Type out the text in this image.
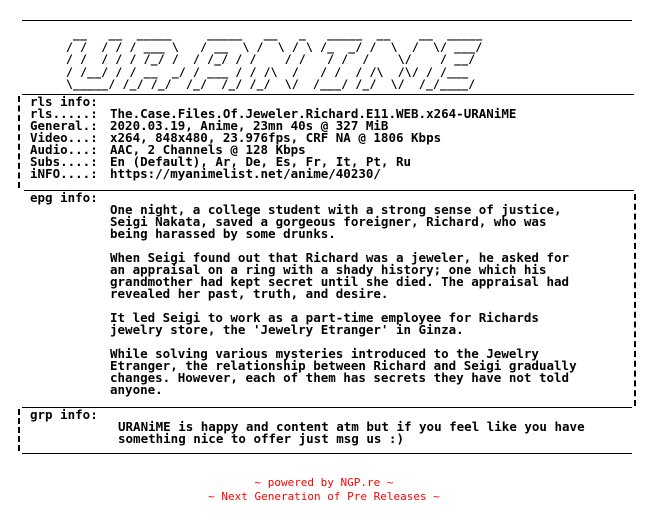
__   __  _____     _____   __   _   _____  __    __  _____
/ /  / / / ___ \   / __  \ /  \ / \ /_  _/ /  \  /  \/ ___/
/ /  / / / /_/ /  / /_/ / /    / /   / /  /    \/    / __/
/ /__/ / / __  _/ / ___ / / /\  /   / /  / /\  /\/ / /___
\_____/ /_/ /_/  /_/  /_/ /_/  \/  /___/ /_/  \/  /_/____/
rls info:
rls.....:
General.:
Video...:
Audio...:
Subs....:
iNFO....:
The.Case.Files.Of.Jeweler.Richard.E11.WEB.x264-URANiME
2020.03.19, Anime, 23mn 40s @ 327 MiB
x264, 848x480, 23.976fps, CRF NA @ 1806 Kbps
AAC, 2 Channels @ 128 Kbps
En (Default), Ar, De, Es, Fr, It, Pt, Ru
https://myanimelist.net/anime/40230/
epg info:
One night, a college student with a strong sense of justice,
Seigi Nakata, saved a gorgeous foreigner, Richard, who was
being harassed by some drunks.
When Seigi found out that Richard was a jeweler, he asked for
an appraisal on a ring with a shady history; one which his
grandmother had kept secret until she died. The appraisal had
revealed her past, truth, and desire.
It led Seigi to work as a part-time employee for Richards
jewelry store, the 'Jewelry Etranger' in Ginza.
While solving various mysteries introduced to the Jewelry
Etranger, the relationship between Richard and Seigi gradually
changes. However, each of them has secrets they have not told
anyone.
grp info:
URANiME is happy and content atm but if you feel like you have
something nice to offer just msg us :)
~ powered by NGP.re ~
~ Next Generation of Pre Releases ~
